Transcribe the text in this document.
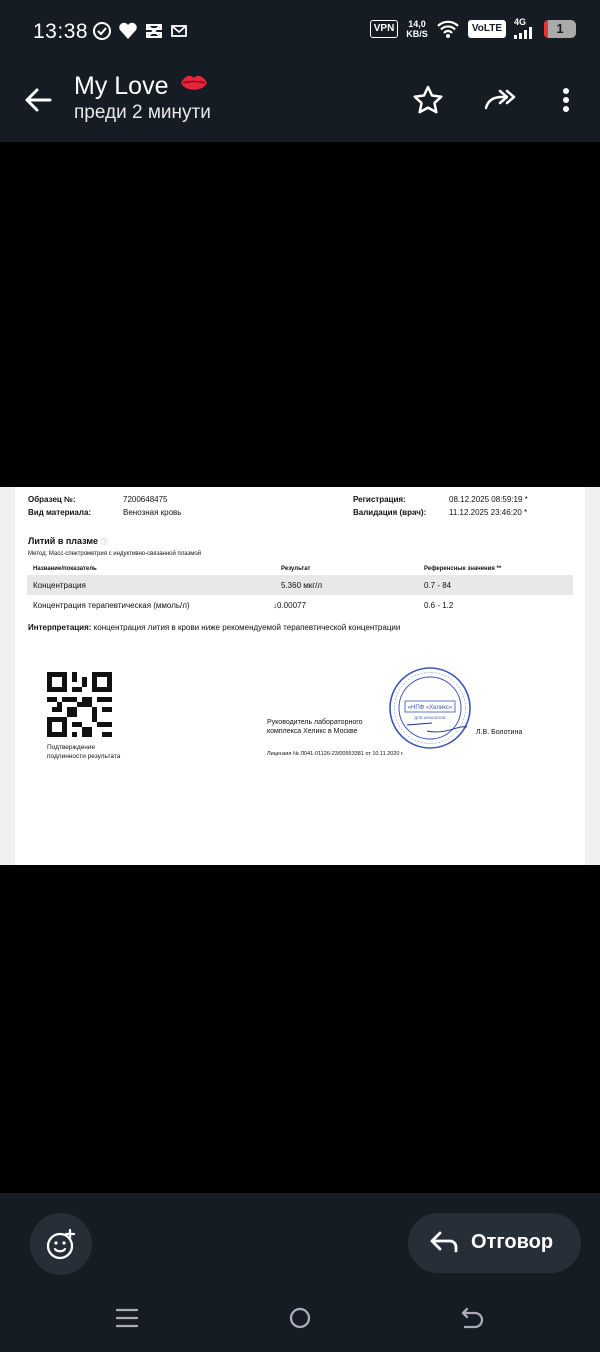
13:38	VPN	14,0
KB/S	VoLTE
4G 1
My Love
преди 2 минути
Образец №:	7200648475
Вид материала:	Венозная кровь
Регистрация:	08.12.2025 08:59:19 *
Валидация (врач):	11.12.2025 23:46:20 *
Литий в плазме ⓘ
Метод: Масс-спектрометрия с индуктивно-связанной плазмой
Название/показатель	Результат	Референсные значения **
Концентрация	5.360 мкг/л	0.7 - 84
Концентрация терапевтическая (ммоль/л)	↓0.00077	0.6 - 1.2
Интерпретация: концентрация лития в крови ниже рекомендуемой терапевтической концентрации
Подтверждение
подлинности результата
Руководитель лабораторного
комплекса Хеликс в Москве
Лицензия № Л041-01126-23/00553381 от 10.11.2020 г.
«НПФ «Хеликс»
ДЛЯ АНАЛИЗОВ
Л.В. Болотина
Отговор
